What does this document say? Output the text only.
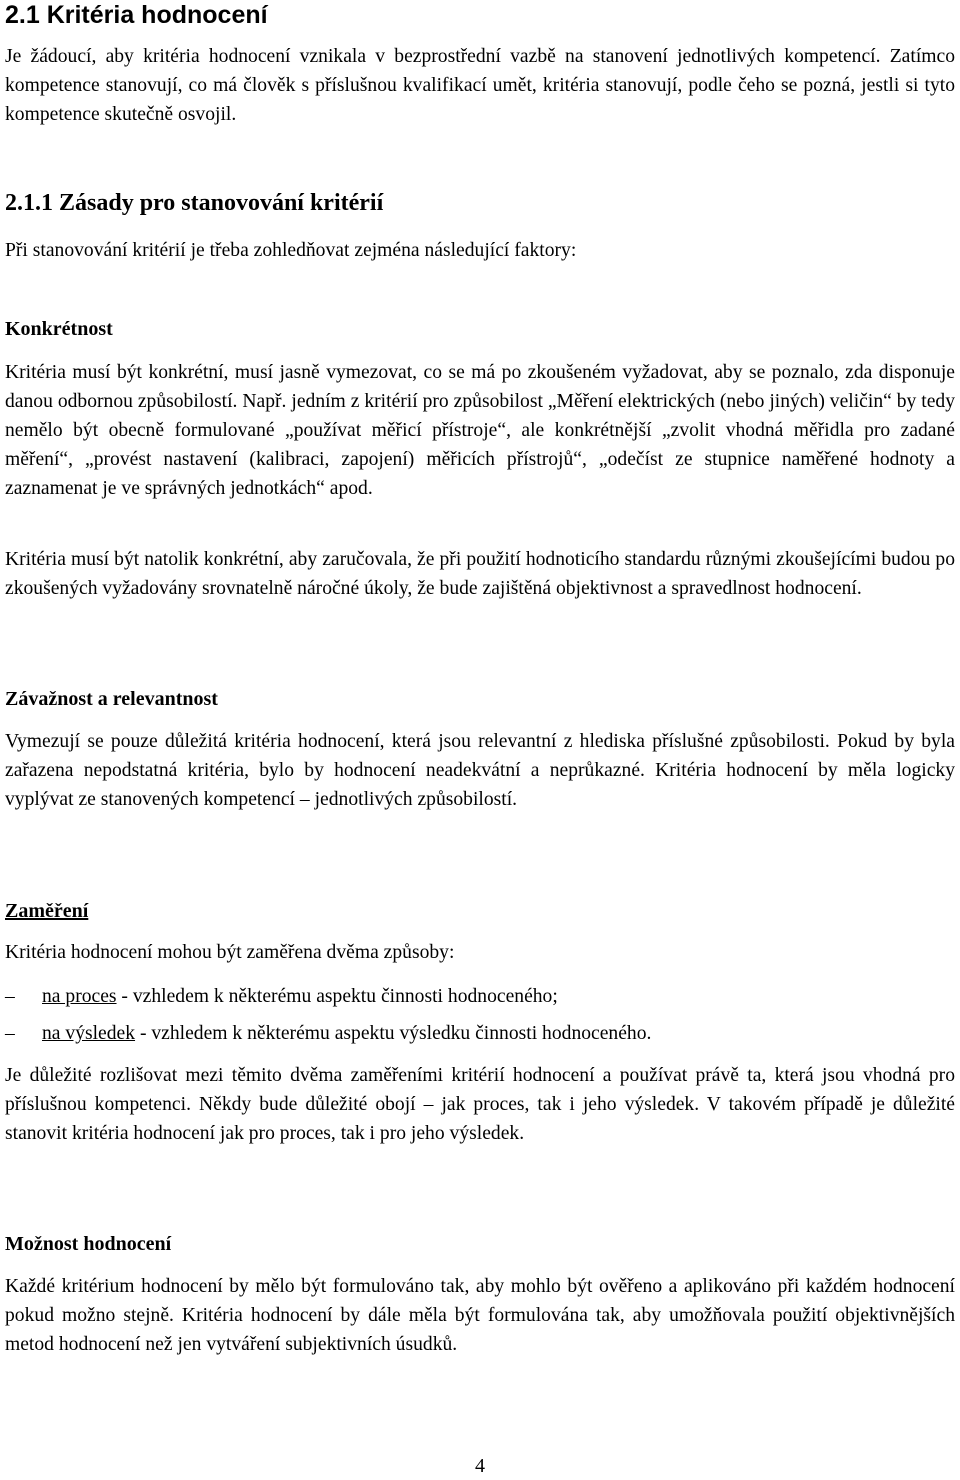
2.1 Kritéria hodnocení

Je žádoucí, aby kritéria hodnocení vznikala v bezprostřední vazbě na stanovení jednotlivých kompetencí. Zatímco kompetence stanovují, co má člověk s příslušnou kvalifikací umět, kritéria stanovují, podle čeho se pozná, jestli si tyto kompetence skutečně osvojil.

2.1.1 Zásady pro stanovování kritérií

Při stanovování kritérií je třeba zohledňovat zejména následující faktory:

Konkrétnost

Kritéria musí být konkrétní, musí jasně vymezovat, co se má po zkoušeném vyžadovat, aby se poznalo, zda disponuje danou odbornou způsobilostí. Např. jedním z kritérií pro způsobilost „Měření elektrických (nebo jiných) veličin“ by tedy nemělo být obecně formulované „používat měřicí přístroje“, ale konkrétnější „zvolit vhodná měřidla pro zadané měření“, „provést nastavení (kalibraci, zapojení) měřicích přístrojů“, „odečíst ze stupnice naměřené hodnoty a zaznamenat je ve správných jednotkách“ apod.

Kritéria musí být natolik konkrétní, aby zaručovala, že při použití hodnoticího standardu různými zkoušejícími budou po zkoušených vyžadovány srovnatelně náročné úkoly, že bude zajištěná objektivnost a spravedlnost hodnocení.

Závažnost a relevantnost

Vymezují se pouze důležitá kritéria hodnocení, která jsou relevantní z hlediska příslušné způsobilosti. Pokud by byla zařazena nepodstatná kritéria, bylo by hodnocení neadekvátní a neprůkazné. Kritéria hodnocení by měla logicky vyplývat ze stanovených kompetencí – jednotlivých způsobilostí.

Zaměření

Kritéria hodnocení mohou být zaměřena dvěma způsoby:

– na proces - vzhledem k některému aspektu činnosti hodnoceného;
– na výsledek - vzhledem k některému aspektu výsledku činnosti hodnoceného.

Je důležité rozlišovat mezi těmito dvěma zaměřeními kritérií hodnocení a používat právě ta, která jsou vhodná pro příslušnou kompetenci. Někdy bude důležité obojí – jak proces, tak i jeho výsledek. V takovém případě je důležité stanovit kritéria hodnocení jak pro proces, tak i pro jeho výsledek.

Možnost hodnocení

Každé kritérium hodnocení by mělo být formulováno tak, aby mohlo být ověřeno a aplikováno při každém hodnocení pokud možno stejně. Kritéria hodnocení by dále měla být formulována tak, aby umožňovala použití objektivnějších metod hodnocení než jen vytváření subjektivních úsudků.

4
